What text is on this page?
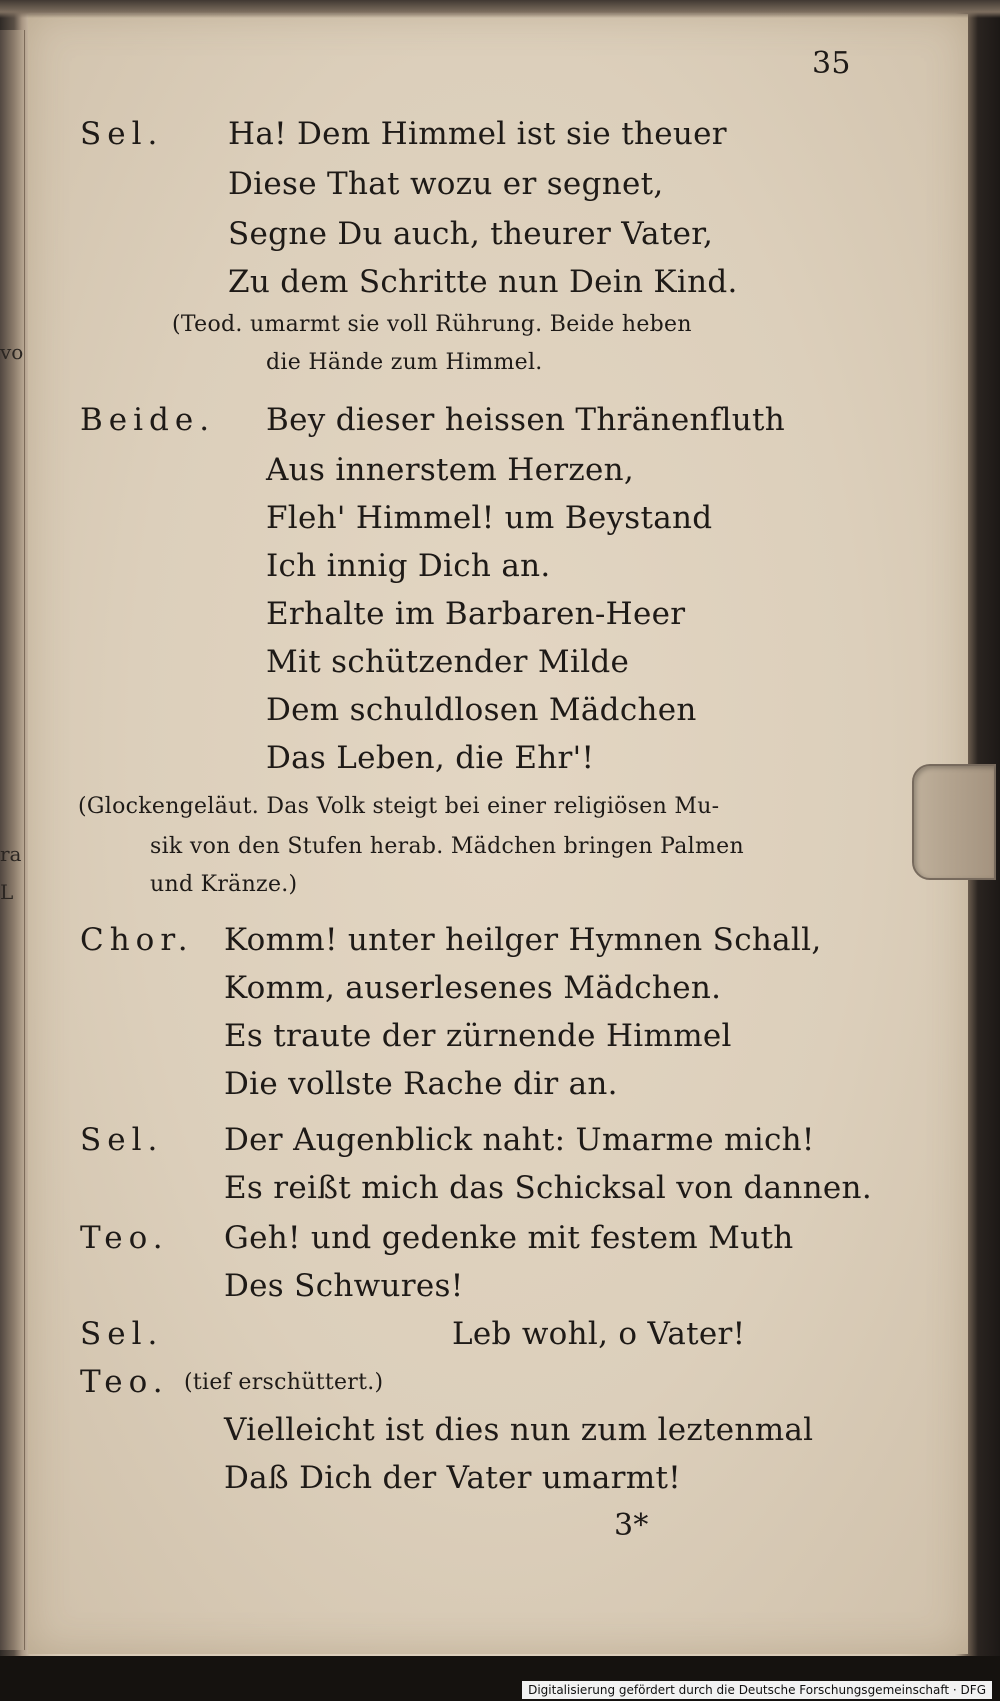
vo
ra
L
35
Sel. Ha! Dem Himmel ist sie theuer
Diese That wozu er segnet,
Segne Du auch, theurer Vater,
Zu dem Schritte nun Dein Kind.
(Teod. umarmt sie voll Rührung. Beide heben
die Hände zum Himmel.
Beide. Bey dieser heissen Thränenfluth
Aus innerstem Herzen,
Fleh' Himmel! um Beystand
Ich innig Dich an.
Erhalte im Barbaren-Heer
Mit schützender Milde
Dem schuldlosen Mädchen
Das Leben, die Ehr'!
(Glockengeläut. Das Volk steigt bei einer religiösen Mu-
sik von den Stufen herab. Mädchen bringen Palmen
und Kränze.)
Chor. Komm! unter heilger Hymnen Schall,
Komm, auserlesenes Mädchen.
Es traute der zürnende Himmel
Die vollste Rache dir an.
Sel. Der Augenblick naht: Umarme mich!
Es reißt mich das Schicksal von dannen.
Teo. Geh! und gedenke mit festem Muth
Des Schwures!
Sel.	Leb wohl, o Vater!
Teo. (tief erschüttert.)
Vielleicht ist dies nun zum leztenmal
Daß Dich der Vater umarmt!
3*
Digitalisierung gefördert durch die Deutsche Forschungsgemeinschaft · DFG
